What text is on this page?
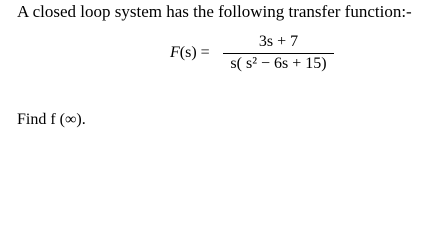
A closed loop system has the following transfer function:-
F(s) =
3s + 7
s( s² − 6s + 15)
Find f (∞).
